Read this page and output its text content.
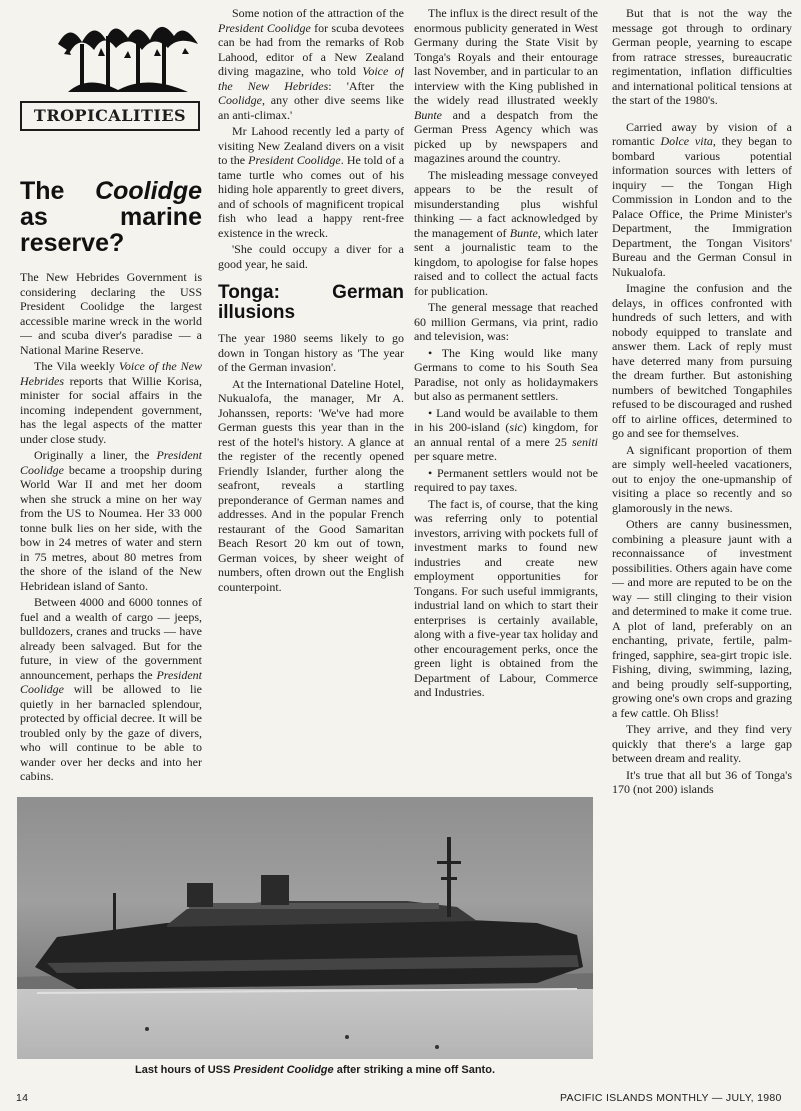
TROPICALITIES
The Coolidge as marine reserve?

The New Hebrides Government is considering declaring the USS President Coolidge the largest accessible marine wreck in the world — and scuba diver's paradise — a National Marine Reserve.

The Vila weekly Voice of the New Hebrides reports that Willie Korisa, minister for social affairs in the incoming independent government, has the legal aspects of the matter under close study.

Originally a liner, the President Coolidge became a troopship during World War II and met her doom when she struck a mine on her way from the US to Noumea. Her 33 000 tonne bulk lies on her side, with the bow in 24 metres of water and stern in 75 metres, about 80 metres from the shore of the island of the New Hebridean island of Santo.

Between 4000 and 6000 tonnes of fuel and a wealth of cargo — jeeps, bulldozers, cranes and trucks — have already been salvaged. But for the future, in view of the government announcement, perhaps the President Coolidge will be allowed to lie quietly in her barnacled splendour, protected by official decree. It will be troubled only by the gaze of divers, who will continue to be able to wander over her decks and into her cabins.

Some notion of the attraction of the President Coolidge for scuba devotees can be had from the remarks of Rob Lahood, editor of a New Zealand diving magazine, who told Voice of the New Hebrides: 'After the Coolidge, any other dive seems like an anti-climax.'

Mr Lahood recently led a party of visiting New Zealand divers on a visit to the President Coolidge. He told of a tame turtle who comes out of his hiding hole apparently to greet divers, and of schools of magnificent tropical fish who lead a happy rent-free existence in the wreck.

'She could occupy a diver for a good year, he said.

Tonga: German illusions

The year 1980 seems likely to go down in Tongan history as 'The year of the German invasion'.

At the International Dateline Hotel, Nukualofa, the manager, Mr A. Johanssen, reports: 'We've had more German guests this year than in the rest of the hotel's history. A glance at the register of the recently opened Friendly Islander, further along the seafront, reveals a startling preponderance of German names and addresses. And in the popular French restaurant of the Good Samaritan Beach Resort 20 km out of town, German voices, by sheer weight of numbers, often drown out the English counterpoint.

The influx is the direct result of the enormous publicity generated in West Germany during the State Visit by Tonga's Royals and their entourage last November, and in particular to an interview with the King published in the widely read illustrated weekly Bunte and a despatch from the German Press Agency which was picked up by newspapers and magazines around the country.

The misleading message conveyed appears to be the result of misunderstanding plus wishful thinking — a fact acknowledged by the management of Bunte, which later sent a journalistic team to the kingdom, to apologise for false hopes raised and to collect the actual facts for publication.

The general message that reached 60 million Germans, via print, radio and television, was:

• The King would like many Germans to come to his South Sea Paradise, not only as holidaymakers but also as permanent settlers.

• Land would be available to them in his 200-island (sic) kingdom, for an annual rental of a mere 25 seniti per square metre.

• Permanent settlers would not be required to pay taxes.

The fact is, of course, that the king was referring only to potential investors, arriving with pockets full of investment marks to found new industries and create new employment opportunities for Tongans. For such useful immigrants, industrial land on which to start their enterprises is certainly available, along with a five-year tax holiday and other encouragement perks, once the green light is obtained from the Department of Labour, Commerce and Industries.

But that is not the way the message got through to ordinary German people, yearning to escape from ratrace stresses, bureaucratic regimentation, inflation difficulties and international political tensions at the start of the 1980's.

Carried away by vision of a romantic Dolce vita, they began to bombard various potential information sources with letters of inquiry — the Tongan High Commission in London and to the Palace Office, the Prime Minister's Department, the Immigration Department, the Tongan Visitors' Bureau and the German Consul in Nukualofa.

Imagine the confusion and the delays, in offices confronted with hundreds of such letters, and with nobody equipped to translate and answer them. Lack of reply must have deterred many from pursuing the dream further. But astonishing numbers of bewitched Tongaphiles refused to be discouraged and rushed off to airline offices, determined to go and see for themselves.

A significant proportion of them are simply well-heeled vacationers, out to enjoy the one-upmanship of visiting a place so recently and so glamorously in the news.

Others are canny businessmen, combining a pleasure jaunt with a reconnaissance of investment possibilities. Others again have come — and more are reputed to be on the way — still clinging to their vision and determined to make it come true. A plot of land, preferably on an enchanting, private, fertile, palm-fringed, sapphire, sea-girt tropic isle. Fishing, diving, swimming, lazing, and being proudly self-supporting, growing one's own crops and grazing a few cattle. Oh Bliss!

They arrive, and they find very quickly that there's a large gap between dream and reality.

It's true that all but 36 of Tonga's 170 (not 200) islands

Last hours of USS President Coolidge after striking a mine off Santo.
14	PACIFIC ISLANDS MONTHLY — JULY, 1980
